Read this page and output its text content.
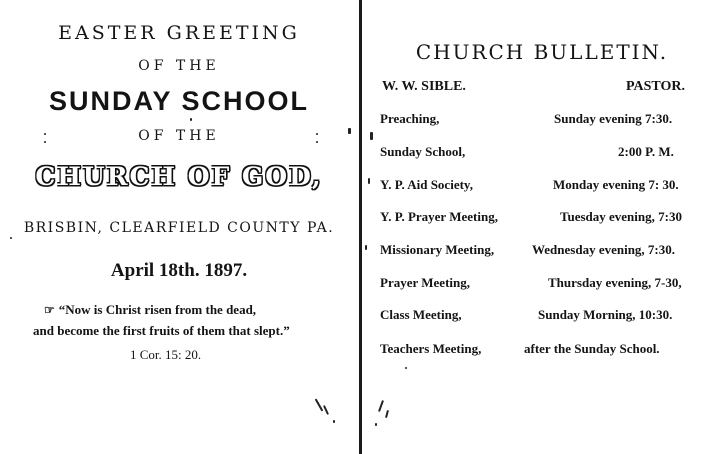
EASTER GREETING
OF THE
SUNDAY SCHOOL
OF THE
CHURCH OF GOD,
BRISBIN, CLEARFIELD COUNTY PA.
April 18th. 1897.
☞ “Now is Christ risen from the dead,
and become the first fruits of them that slept.”
1 Cor. 15: 20.
CHURCH BULLETIN.
W. W. SIBLE.	PASTOR.
Preaching,	Sunday evening 7:30.
Sunday School,	2:00 P. M.
Y. P. Aid Society,	Monday evening 7: 30.
Y. P. Prayer Meeting,	Tuesday evening, 7:30
Missionary Meeting,	Wednesday evening, 7:30.
Prayer Meeting,	Thursday evening, 7-30,
Class Meeting,	Sunday Morning, 10:30.
Teachers Meeting,	after the Sunday School.
